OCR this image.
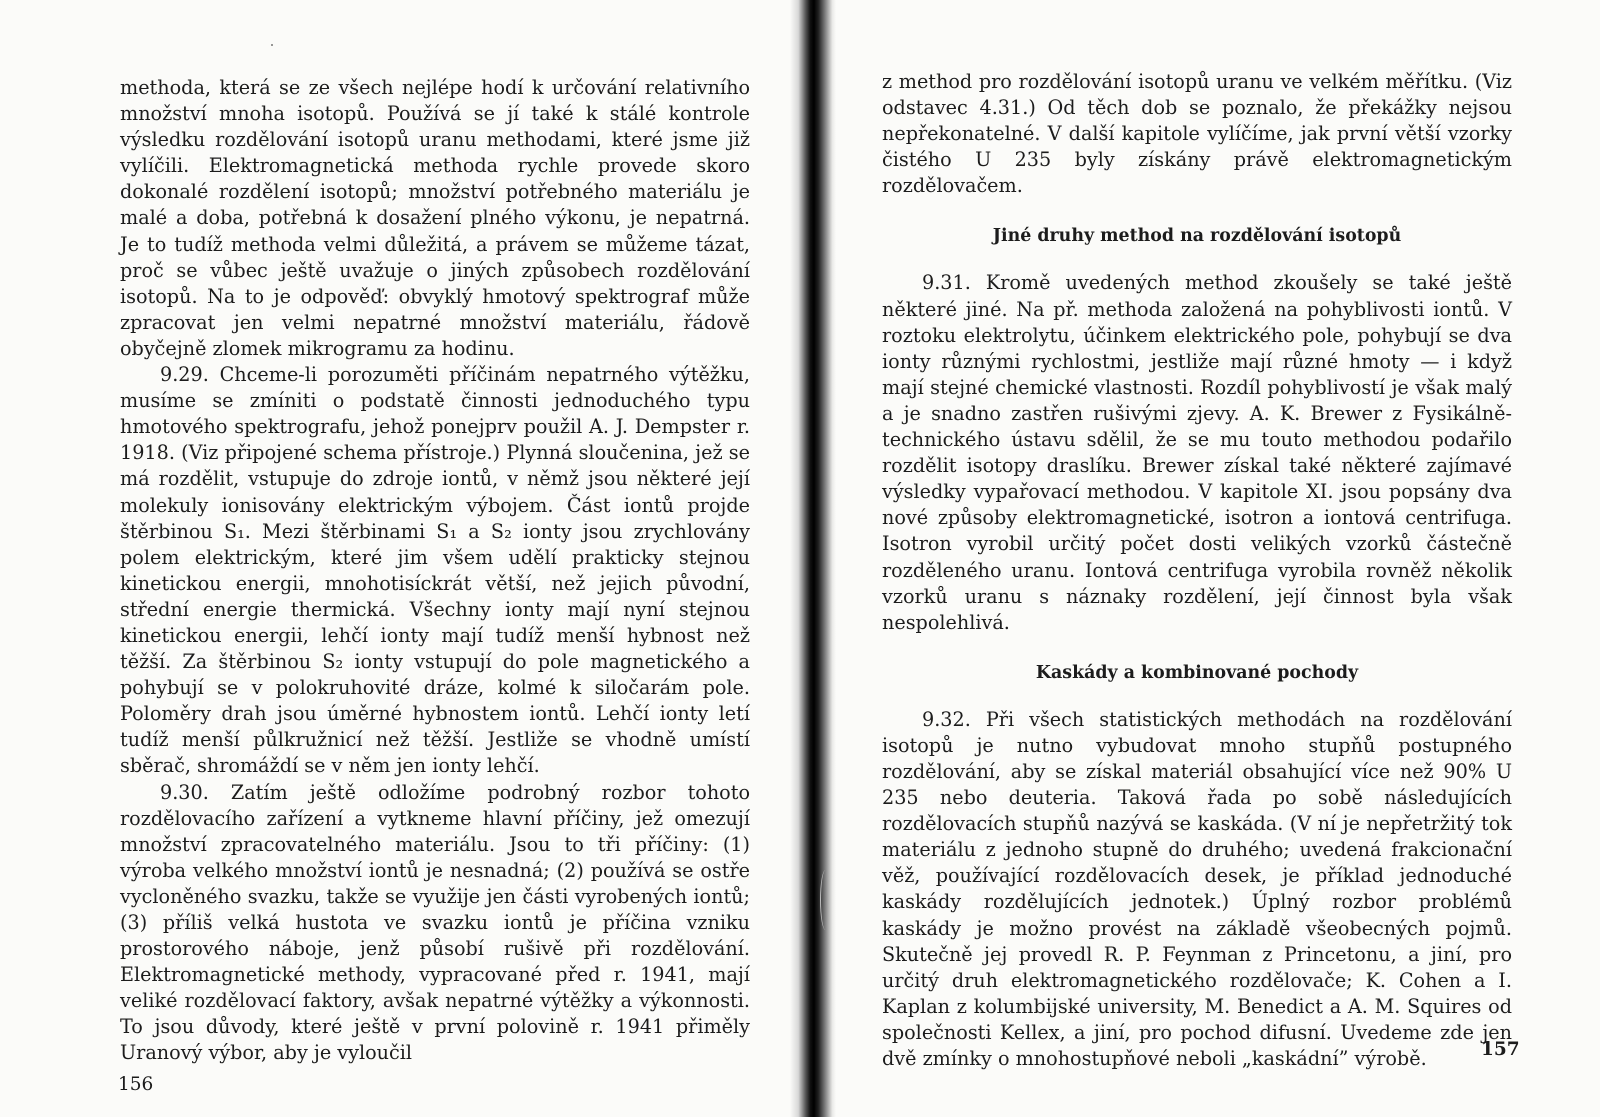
methoda, která se ze všech nejlépe hodí k určování relativního množství mnoha isotopů. Používá se jí také k stálé kontrole výsledku rozdělování isotopů uranu methodami, které jsme již vylíčili. Elektromagnetická methoda rychle provede skoro dokonalé rozdělení isotopů; množství potřebného materiálu je malé a doba, potřebná k dosažení plného výkonu, je nepatrná. Je to tudíž methoda velmi důležitá, a právem se můžeme tázat, proč se vůbec ještě uvažuje o jiných způsobech rozdělování isotopů. Na to je odpověď: obvyklý hmotový spektrograf může zpracovat jen velmi nepatrné množství materiálu, řádově obyčejně zlomek mikrogramu za hodinu.

9.29. Chceme-li porozuměti příčinám nepatrného výtěžku, musíme se zmíniti o podstatě činnosti jednoduchého typu hmotového spektrografu, jehož ponejprv použil A. J. Dempster r. 1918. (Viz připojené schema přístroje.) Plynná sloučenina, jež se má rozdělit, vstupuje do zdroje iontů, v němž jsou některé její molekuly ionisovány elektrickým výbojem. Část iontů projde štěrbinou S₁. Mezi štěrbinami S₁ a S₂ ionty jsou zrychlovány polem elektrickým, které jim všem udělí prakticky stejnou kinetickou energii, mnohotisíckrát větší, než jejich původní, střední energie thermická. Všechny ionty mají nyní stejnou kinetickou energii, lehčí ionty mají tudíž menší hybnost než těžší. Za štěrbinou S₂ ionty vstupují do pole magnetického a pohybují se v polokruhovité dráze, kolmé k siločarám pole. Poloměry drah jsou úměrné hybnostem iontů. Lehčí ionty letí tudíž menší půlkružnicí než těžší. Jestliže se vhodně umístí sběrač, shromáždí se v něm jen ionty lehčí.

9.30. Zatím ještě odložíme podrobný rozbor tohoto rozdělovacího zařízení a vytkneme hlavní příčiny, jež omezují množství zpracovatelného materiálu. Jsou to tři příčiny: (1) výroba velkého množství iontů je nesnadná; (2) používá se ostře vycloněného svazku, takže se využije jen části vyrobených iontů; (3) příliš velká hustota ve svazku iontů je příčina vzniku prostorového náboje, jenž působí rušivě při rozdělování. Elektromagnetické methody, vypracované před r. 1941, mají veliké rozdělovací faktory, avšak nepatrné výtěžky a výkonnosti. To jsou důvody, které ještě v první polovině r. 1941 přiměly Uranový výbor, aby je vyloučil

156

z method pro rozdělování isotopů uranu ve velkém měřítku. (Viz odstavec 4.31.) Od těch dob se poznalo, že překážky nejsou nepřekonatelné. V další kapitole vylíčíme, jak první větší vzorky čistého U 235 byly získány právě elektromagnetickým rozdělovačem.

Jiné druhy method na rozdělování isotopů

9.31. Kromě uvedených method zkoušely se také ještě některé jiné. Na př. methoda založená na pohyblivosti iontů. V roztoku elektrolytu, účinkem elektrického pole, pohybují se dva ionty různými rychlostmi, jestliže mají různé hmoty — i když mají stejné chemické vlastnosti. Rozdíl pohyblivostí je však malý a je snadno zastřen rušivými zjevy. A. K. Brewer z Fysikálně-technického ústavu sdělil, že se mu touto methodou podařilo rozdělit isotopy draslíku. Brewer získal také některé zajímavé výsledky vypařovací methodou. V kapitole XI. jsou popsány dva nové způsoby elektromagnetické, isotron a iontová centrifuga. Isotron vyrobil určitý počet dosti velikých vzorků částečně rozděleného uranu. Iontová centrifuga vyrobila rovněž několik vzorků uranu s náznaky rozdělení, její činnost byla však nespolehlivá.

Kaskády a kombinované pochody

9.32. Při všech statistických methodách na rozdělování isotopů je nutno vybudovat mnoho stupňů postupného rozdělování, aby se získal materiál obsahující více než 90% U 235 nebo deuteria. Taková řada po sobě následujících rozdělovacích stupňů nazývá se kaskáda. (V ní je nepřetržitý tok materiálu z jednoho stupně do druhého; uvedená frakcionační věž, používající rozdělovacích desek, je příklad jednoduché kaskády rozdělujících jednotek.) Úplný rozbor problémů kaskády je možno provést na základě všeobecných pojmů. Skutečně jej provedl R. P. Feynman z Princetonu, a jiní, pro určitý druh elektromagnetického rozdělovače; K. Cohen a I. Kaplan z kolumbijské university, M. Benedict a A. M. Squires od společnosti Kellex, a jiní, pro pochod difusní. Uvedeme zde jen dvě zmínky o mnohostupňové neboli „kaskádní” výrobě.	157
